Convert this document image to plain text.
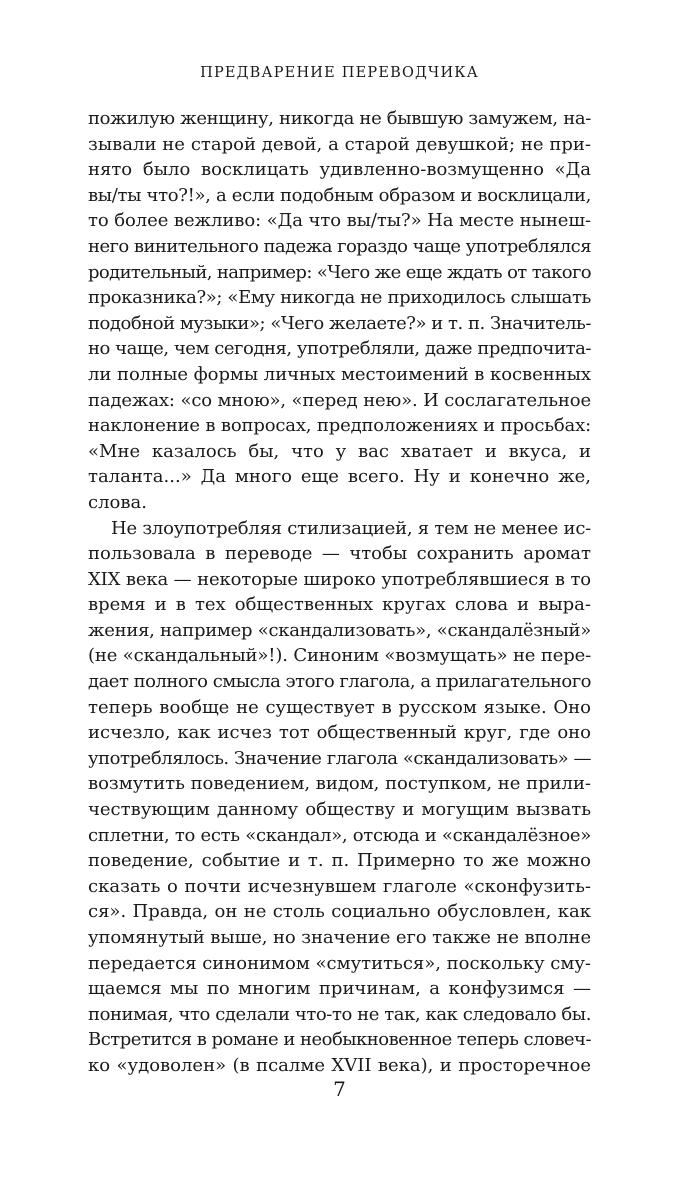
ПРЕДВАРЕНИЕ ПЕРЕВОДЧИКА
пожилую женщину, никогда не бывшую замужем, на-
зывали не старой девой, а старой девушкой; не при-
нято было восклицать удивленно-возмущенно «Да
вы/ты что?!», а если подобным образом и восклицали,
то более вежливо: «Да что вы/ты?» На месте нынеш-
него винительного падежа гораздо чаще употреблялся
родительный, например: «Чего же еще ждать от такого
проказника?»; «Ему никогда не приходилось слышать
подобной музыки»; «Чего желаете?» и т. п. Значитель-
но чаще, чем сегодня, употребляли, даже предпочита-
ли полные формы личных местоимений в косвенных
падежах: «со мною», «перед нею». И сослагательное
наклонение в вопросах, предположениях и просьбах:
«Мне казалось бы, что у вас хватает и вкуса, и таланта...» Да много еще всего. Ну и конечно же, слова.
Не злоупотребляя стилизацией, я тем не менее ис-
пользовала в переводе — чтобы сохранить аромат
XIX века — некоторые широко употреблявшиеся в то
время и в тех общественных кругах слова и выра-
жения, например «скандализовать», «скандалёзный»
(не «скандальный»!). Синоним «возмущать» не пере-
дает полного смысла этого глагола, а прилагательного
теперь вообще не существует в русском языке. Оно
исчезло, как исчез тот общественный круг, где оно
употреблялось. Значение глагола «скандализовать» —
возмутить поведением, видом, поступком, не прили-
чествующим данному обществу и могущим вызвать
сплетни, то есть «скандал», отсюда и «скандалёзное»
поведение, событие и т. п. Примерно то же можно
сказать о почти исчезнувшем глаголе «сконфузить-
ся». Правда, он не столь социально обусловлен, как
упомянутый выше, но значение его также не вполне
передается синонимом «смутиться», поскольку сму-
щаемся мы по многим причинам, а конфузимся —
понимая, что сделали что-то не так, как следовало бы.
Встретится в романе и необыкновенное теперь словеч-
ко «удоволен» (в псалме XVII века), и просторечное
7
